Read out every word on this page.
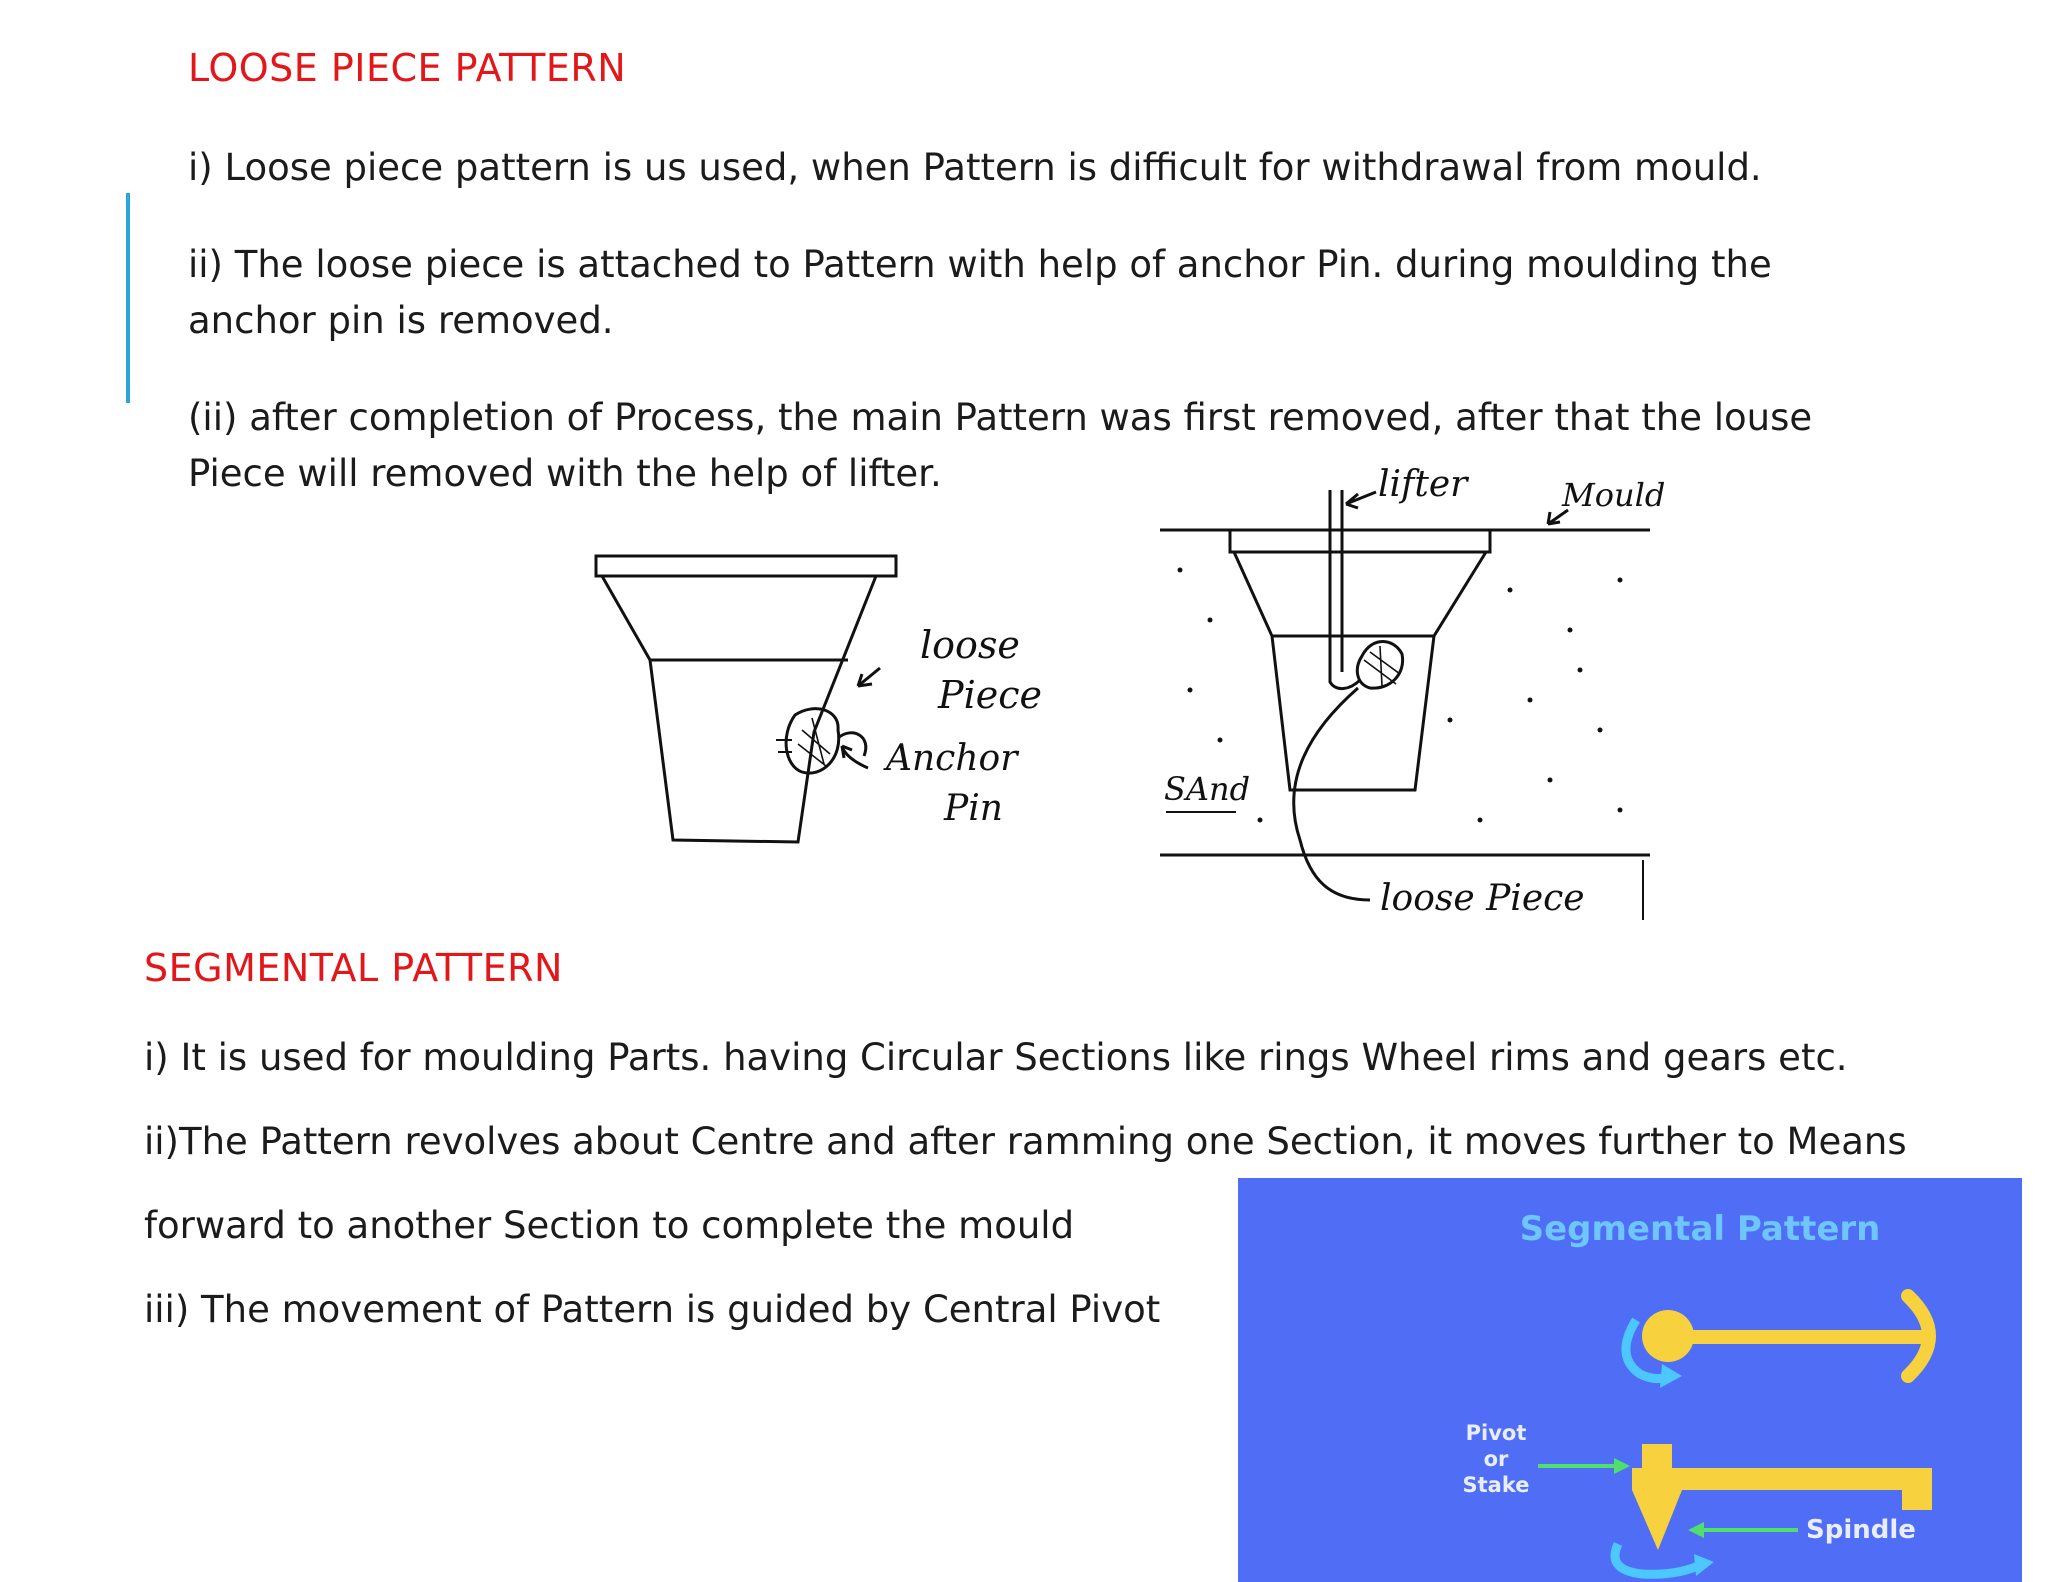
LOOSE PIECE PATTERN
i) Loose piece pattern is us used, when Pattern is difficult for withdrawal from mould.
ii) The loose piece is attached to Pattern with help of anchor Pin. during moulding the anchor pin is removed.
(ii) after completion of Process, the main Pattern was first removed, after that the louse Piece will removed with the help of lifter.
loose
Piece
Anchor
Pin
lifter	Mould
SAnd
loose Piece
SEGMENTAL PATTERN
i) It is used for moulding Parts. having Circular Sections like rings Wheel rims and gears etc.
ii)The Pattern revolves about Centre and after ramming one Section, it moves further to Means
forward to another Section to complete the mould
iii) The movement of Pattern is guided by Central Pivot
Segmental Pattern
Pivot
or
Stake
Spindle
